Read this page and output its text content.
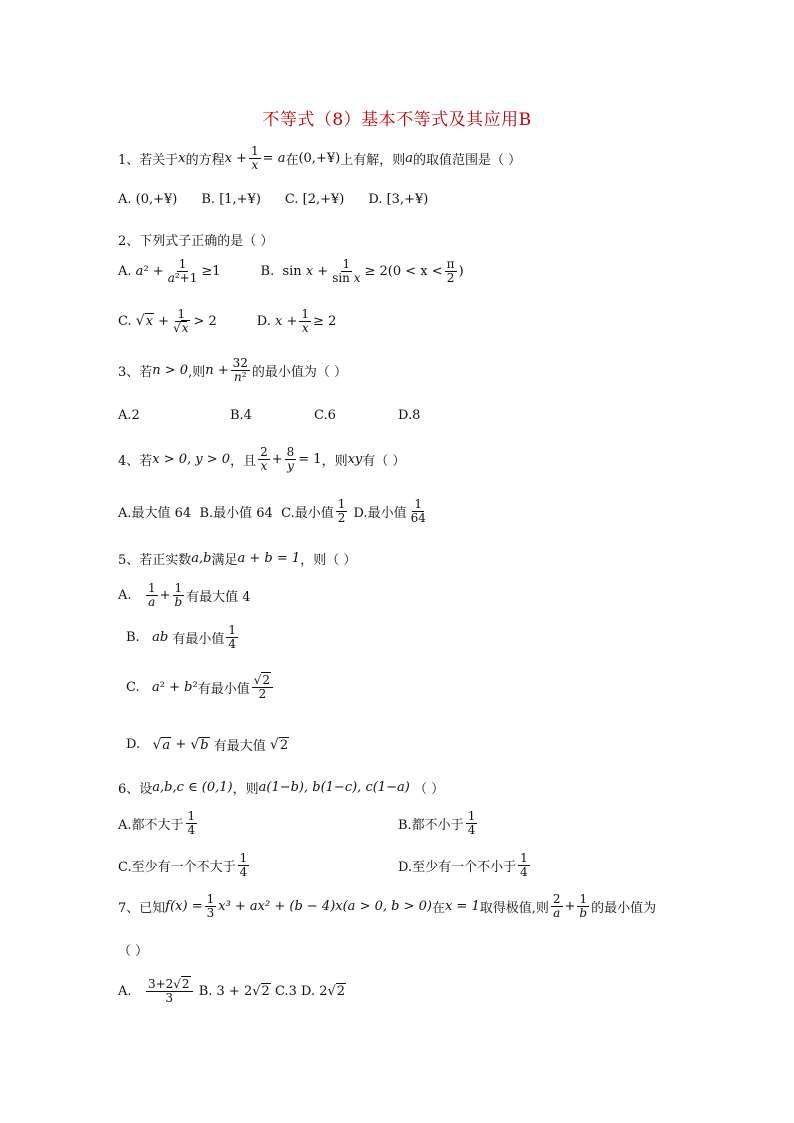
不等式（8）基本不等式及其应用B
1、若关于 x 的方程 $x + \frac{1}{x} = a$ 在 (0,+¥) 上有解，则 a 的取值范围是（ ）
A. (0,+¥) B. [1,+¥) C. [2,+¥) D. [3,+¥)
2、下列式子正确的是（ ）
A.
a $^2 + \frac{1}{\text{a²+1}} \ge 1$	B. $\sin x + \frac{1}{\text{sin x}} \ge 2(0 < x < \frac{\pi}{2}$ )
C.
√ $x + \frac{1}{√x} > 2$	D.
$x + \frac{1}{x} \ge 2$
3、若 n > 0 ,则 $n + \frac{32}{\text{n²}}$ 的最小值为（ ）
A.2	B.4	C.6	D.8
4、若 x > 0, y > 0 ，且 $\frac{2}{x} + \frac{8}{y} = 1$ ，则 xy 有（ ）
A.最大值 64
B.最小值 64
C.最小值 $\frac{1}{2}$
D.最小值 $\frac{1}{64}$
5、若正实数 a,b 满足 a + b = 1 ，则（ ）
A.
$\frac{1}{a} + \frac{1}{b}$ 有最大值 4
B.
ab
有最小值 $\frac{1}{4}$
C.
a ² + b ² 有最小值 $\frac{√2}{2}$
D.
√ a + √ b
有最大值
√ 2
6、设 a,b,c ∈ (0,1) ，则 a(1−b), b(1−c), c(1−a)
（ ）
A.都不大于 $\frac{1}{4}$	B.都不小于 $\frac{1}{4}$
C.至少有一个不大于 $\frac{1}{4}$	D.至少有一个不小于 $\frac{1}{4}$
7、已知 $f(x) = \frac{1}{3} x^3 + ax^2 + (b - 4)x(a > 0$, b > 0) 在 x = 1 取得极值,则 $\frac{2}{a} + \frac{1}{b}$ 的最小值为
（ ）
A.
$\frac{3+2√2}{3}$
B.
3 + 2 √ 2
C.3
D.
2 √ 2
